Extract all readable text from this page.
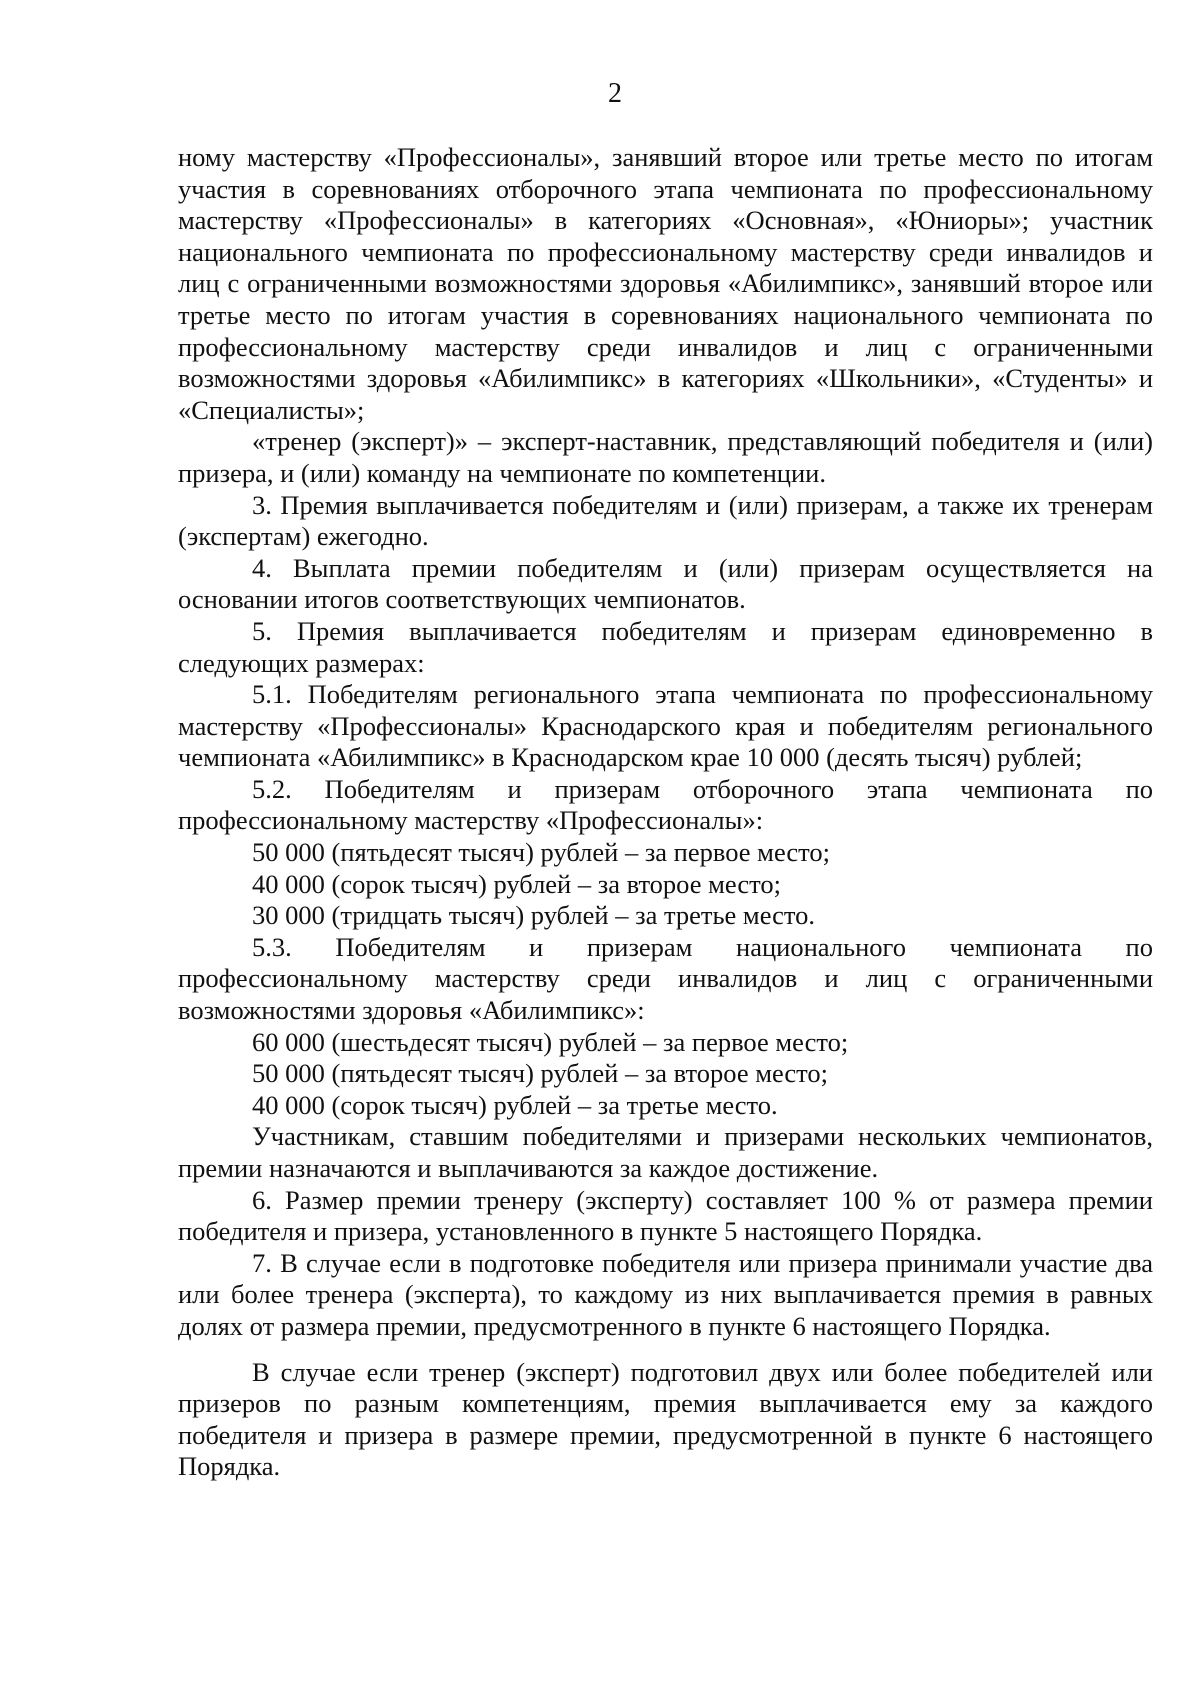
2

ному мастерству «Профессионалы», занявший второе или третье место по итогам участия в соревнованиях отборочного этапа чемпионата по профессиональному мастерству «Профессионалы» в категориях «Основная», «Юниоры»; участник национального чемпионата по профессиональному мастерству среди инвалидов и лиц с ограниченными возможностями здоровья «Абилимпикс», занявший второе или третье место по итогам участия в соревнованиях национального чемпионата по профессиональному мастерству среди инвалидов и лиц с ограниченными возможностями здоровья «Абилимпикс» в категориях «Школьники», «Студенты» и «Специалисты»;

«тренер (эксперт)» – эксперт-наставник, представляющий победителя и (или) призера, и (или) команду на чемпионате по компетенции.

3. Премия выплачивается победителям и (или) призерам, а также их тренерам (экспертам) ежегодно.

4. Выплата премии победителям и (или) призерам осуществляется на основании итогов соответствующих чемпионатов.

5. Премия выплачивается победителям и призерам единовременно в следующих размерах:

5.1. Победителям регионального этапа чемпионата по профессиональному мастерству «Профессионалы» Краснодарского края и победителям регионального чемпионата «Абилимпикс» в Краснодарском крае 10 000 (десять тысяч) рублей;

5.2. Победителям и призерам отборочного этапа чемпионата по профессиональному мастерству «Профессионалы»:

50 000 (пятьдесят тысяч) рублей – за первое место;

40 000 (сорок тысяч) рублей – за второе место;

30 000 (тридцать тысяч) рублей – за третье место.

5.3. Победителям и призерам национального чемпионата по профессиональному мастерству среди инвалидов и лиц с ограниченными возможностями здоровья «Абилимпикс»:

60 000 (шестьдесят тысяч) рублей – за первое место;

50 000 (пятьдесят тысяч) рублей – за второе место;

40 000 (сорок тысяч) рублей – за третье место.

Участникам, ставшим победителями и призерами нескольких чемпионатов, премии назначаются и выплачиваются за каждое достижение.

6. Размер премии тренеру (эксперту) составляет 100 % от размера премии победителя и призера, установленного в пункте 5 настоящего Порядка.

7. В случае если в подготовке победителя или призера принимали участие два или более тренера (эксперта), то каждому из них выплачивается премия в равных долях от размера премии, предусмотренного в пункте 6 настоящего Порядка.

В случае если тренер (эксперт) подготовил двух или более победителей или призеров по разным компетенциям, премия выплачивается ему за каждого победителя и призера в размере премии, предусмотренной в пункте 6 настоящего Порядка.
